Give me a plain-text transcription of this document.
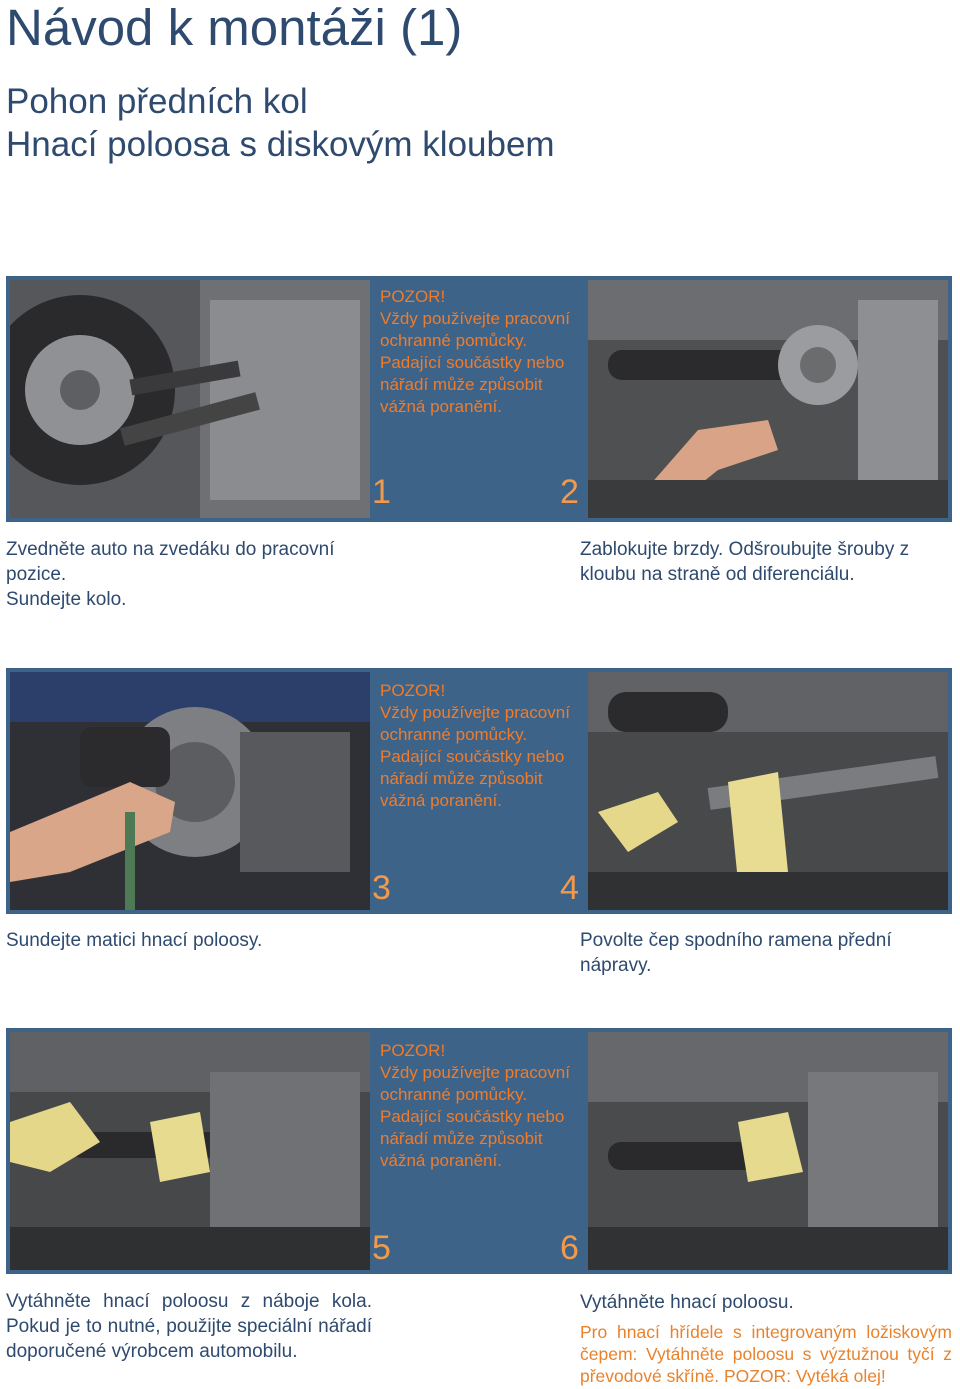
Návod k montáži (1)
Pohon předních kol
Hnací poloosa s diskovým kloubem
POZOR!
Vždy používejte pracovní ochranné pomůcky. Padající součástky nebo nářadí může způsobit vážná poranění.
1	2
Zvedněte auto na zvedáku do pracovní pozice.
Sundejte kolo.
Zablokujte brzdy. Odšroubujte šrouby z kloubu na straně od diferenciálu.
POZOR!
Vždy používejte pracovní ochranné pomůcky. Padající součástky nebo nářadí může způsobit vážná poranění.
3	4
Sundejte matici hnací poloosy.	Povolte čep spodního ramena přední nápravy.
POZOR!
Vždy používejte pracovní ochranné pomůcky. Padající součástky nebo nářadí může způsobit vážná poranění.
5	6
Vytáhněte hnací poloosu z náboje kola. Pokud je to nutné, použijte speciální nářadí doporučené výrobcem automobilu.
Vytáhněte hnací poloosu.
Pro hnací hřídele s integrovaným ložiskovým čepem: Vytáhněte poloosu s výztužnou tyčí z převodové skříně. POZOR: Vytéká olej!
